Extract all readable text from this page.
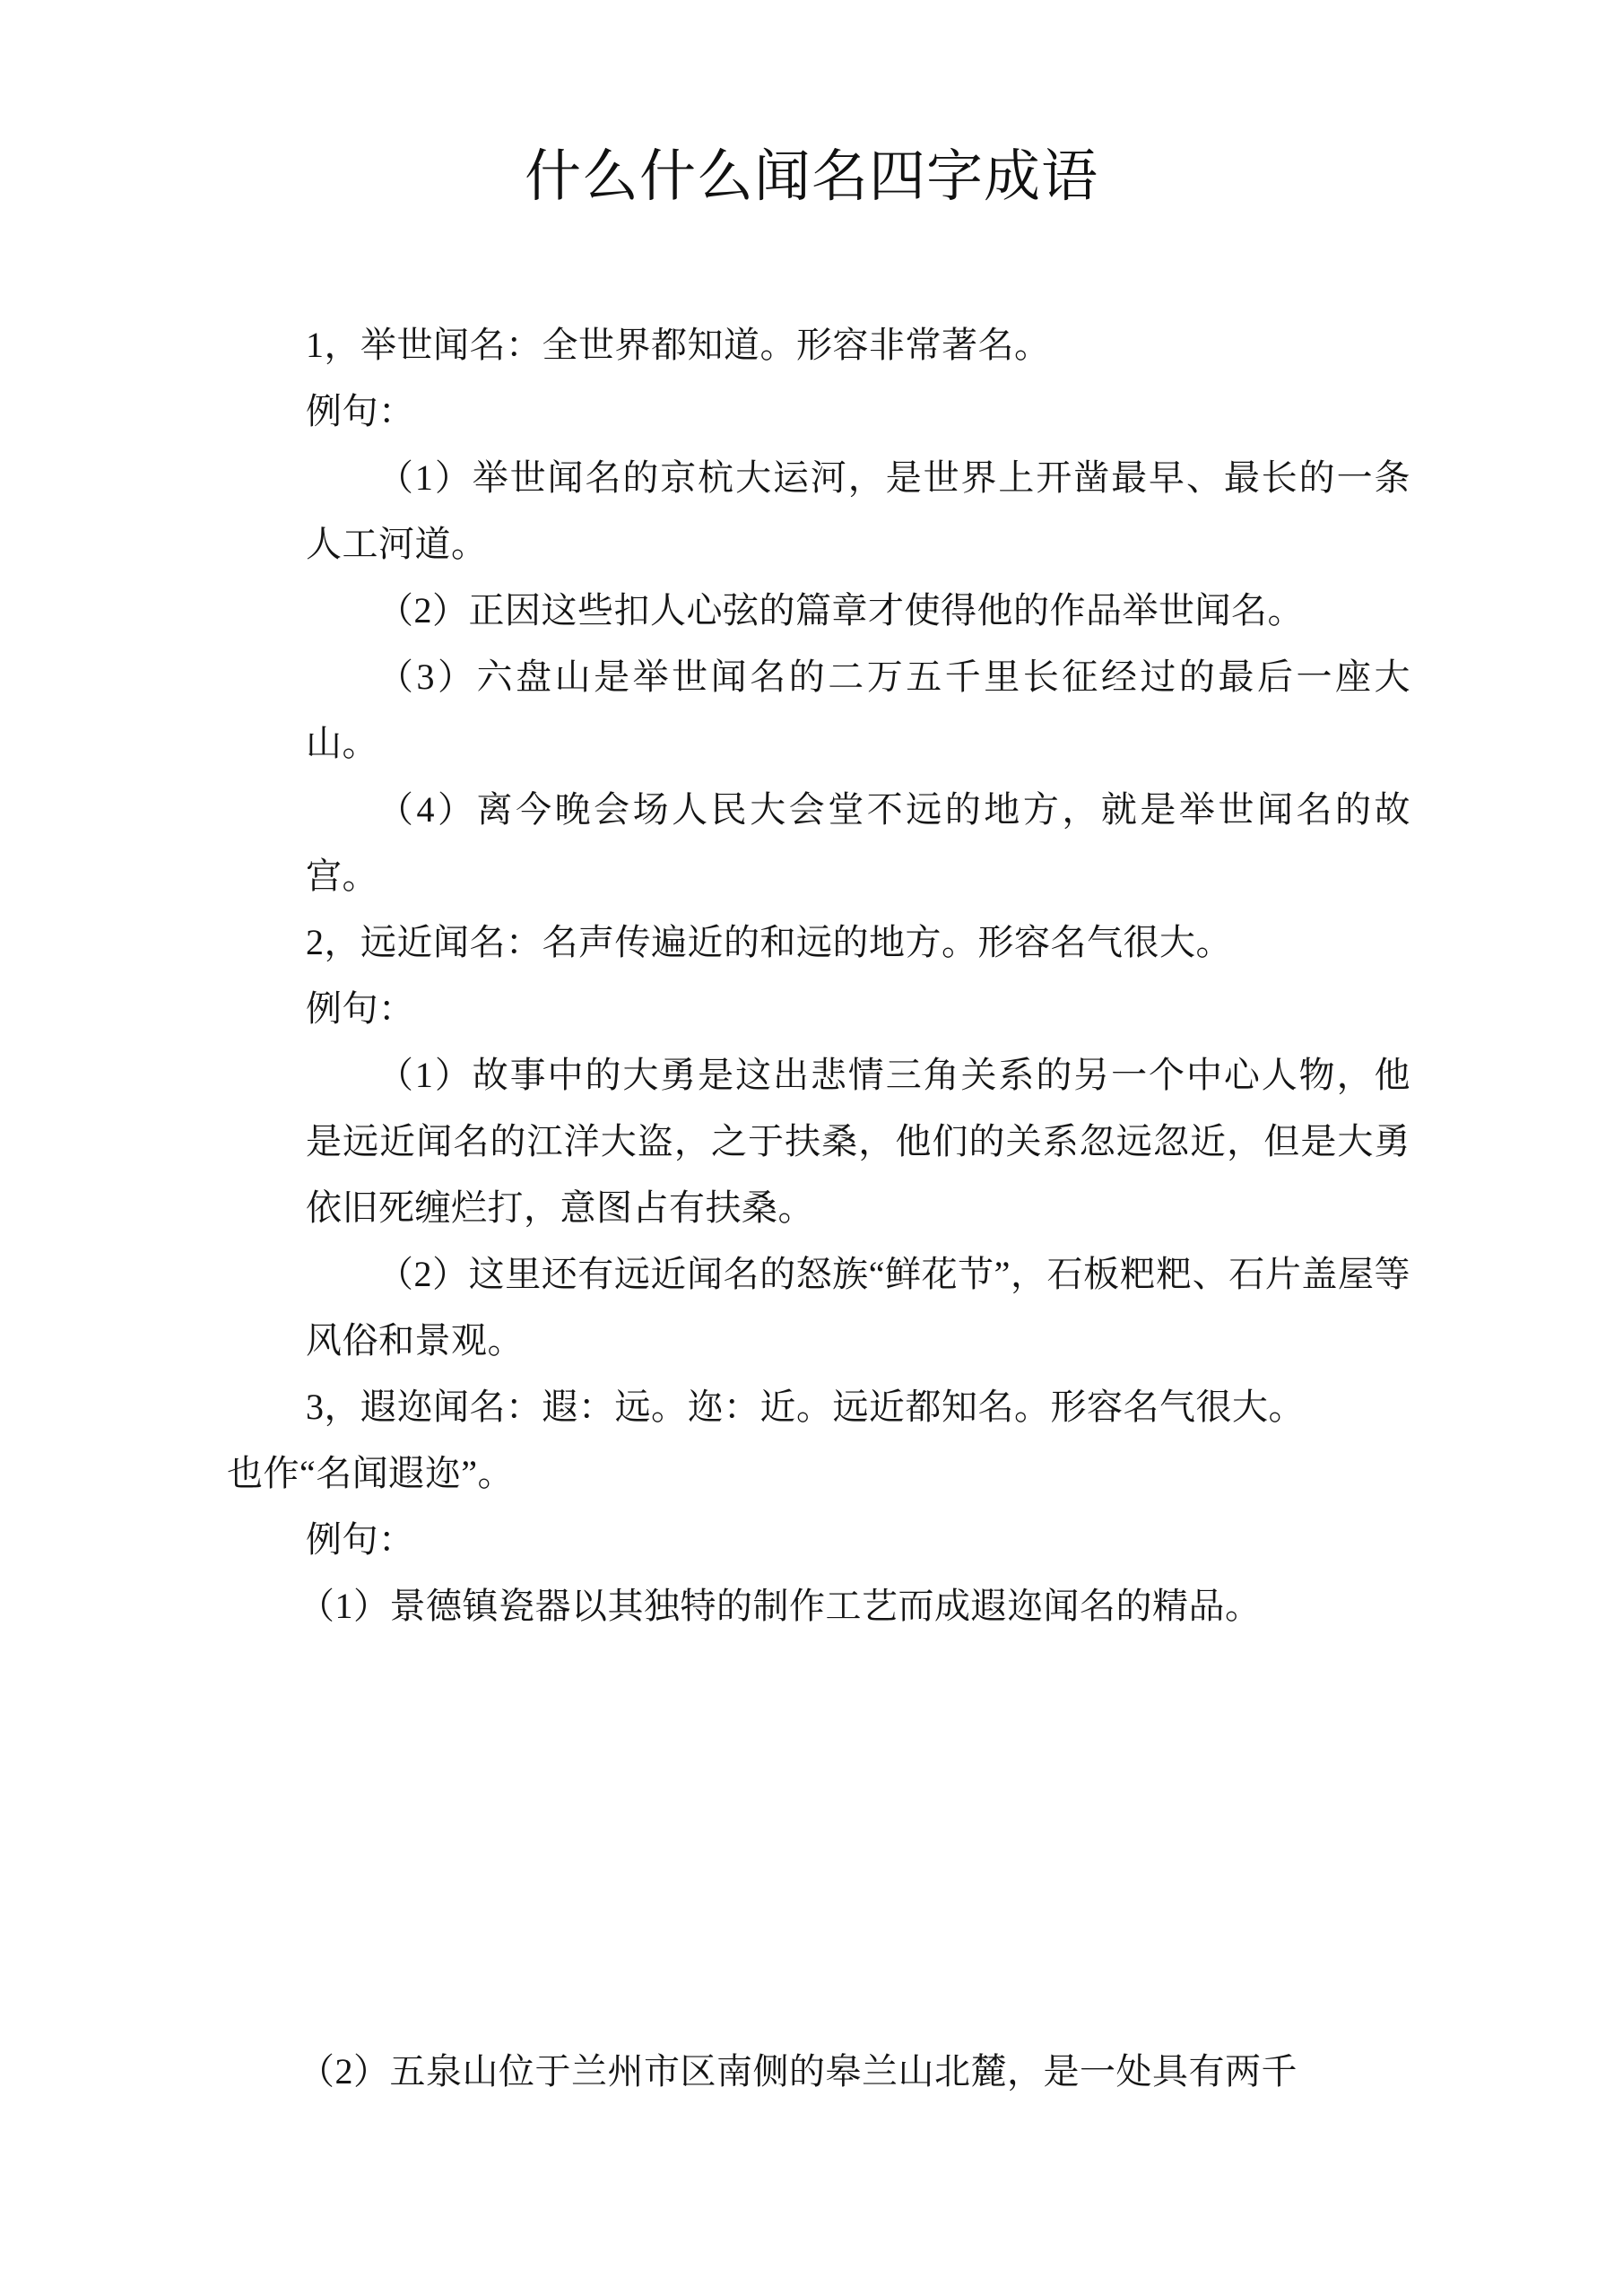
什么什么闻名四字成语

1，举世闻名：全世界都知道。形容非常著名。

例句：

（1）举世闻名的京杭大运河，是世界上开凿最早、最长的一条人工河道。

（2）正因这些扣人心弦的篇章才使得他的作品举世闻名。

（3）六盘山是举世闻名的二万五千里长征经过的最后一座大山。

（4）离今晚会场人民大会堂不远的地方，就是举世闻名的故宫。

2，远近闻名：名声传遍近的和远的地方。形容名气很大。

例句：

（1）故事中的大勇是这出悲情三角关系的另一个中心人物，他是远近闻名的江洋大盗，之于扶桑，他们的关系忽远忽近，但是大勇依旧死缠烂打，意图占有扶桑。

（2）这里还有远近闻名的怒族“鲜花节”，石板粑粑、石片盖屋等风俗和景观。

3，遐迩闻名：遐：远。迩：近。远近都知名。形容名气很大。

也作“名闻遐迩”。

例句：

（1）景德镇瓷器以其独特的制作工艺而成遐迩闻名的精品。

（2）五泉山位于兰州市区南侧的皋兰山北麓，是一处具有两千
